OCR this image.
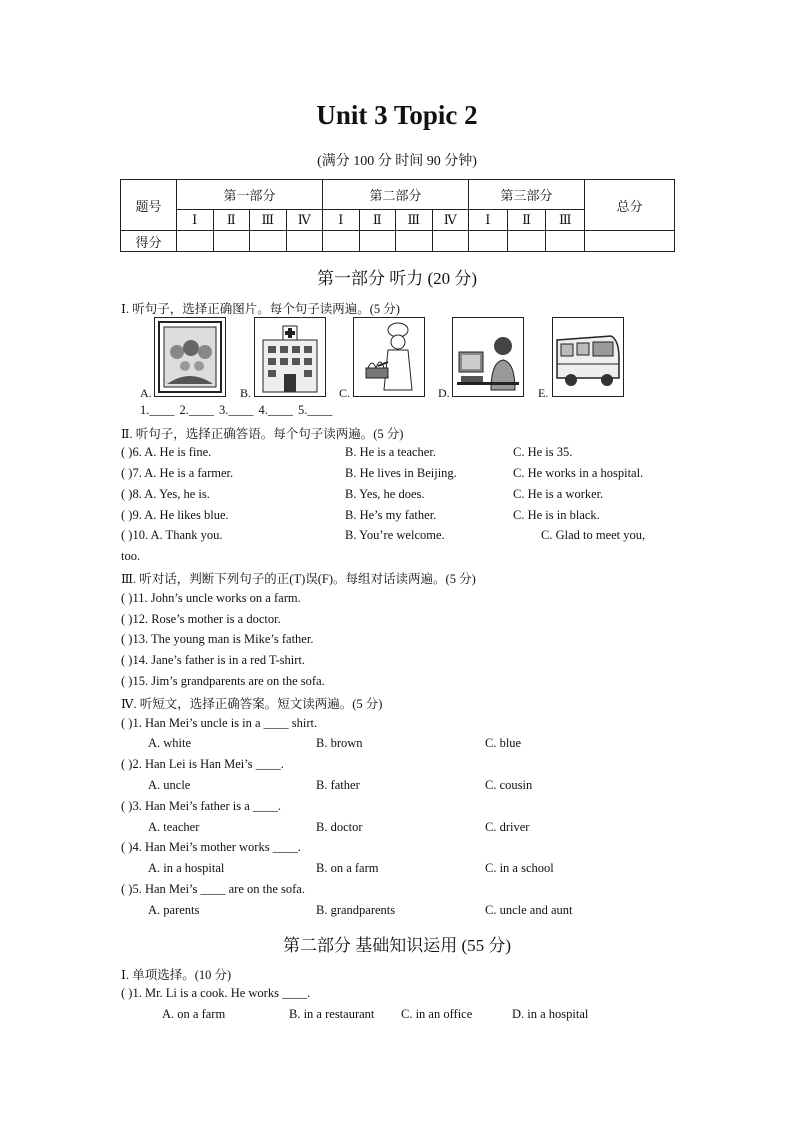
Unit 3 Topic 2
(满分 100 分 时间 90 分钟)
题号	第一部分				第二部分				第三部分			总分
	Ⅰ	Ⅱ	Ⅲ	Ⅳ	Ⅰ	Ⅱ	Ⅲ	Ⅳ	Ⅰ	Ⅱ	Ⅲ	
得分												
第一部分 听力 (20 分)
Ⅰ. 听句子，选择正确图片。每个句子读两遍。(5 分)
A.	B.	C.	D.	E.
1.____ 2.____ 3.____ 4.____ 5.____
Ⅱ. 听句子，选择正确答语。每个句子读两遍。(5 分)
( )6. A. He is fine.	B. He is a teacher.	C. He is 35.
( )7. A. He is a farmer.	B. He lives in Beijing.	C. He works in a hospital.
( )8. A. Yes, he is.	B. Yes, he does.	C. He is a worker.
( )9. A. He likes blue.	B. He’s my father.	C. He is in black.
( )10. A. Thank you.	B. You’re welcome.	C. Glad to meet you,
too.
Ⅲ. 听对话，判断下列句子的正(T)误(F)。每组对话读两遍。(5 分)
( )11. John’s uncle works on a farm.
( )12. Rose’s mother is a doctor.
( )13. The young man is Mike’s father.
( )14. Jane’s father is in a red T-shirt.
( )15. Jim’s grandparents are on the sofa.
Ⅳ. 听短文，选择正确答案。短文读两遍。(5 分)
( )1. Han Mei’s uncle is in a ____ shirt.
A. white	B. brown	C. blue
( )2. Han Lei is Han Mei’s ____.
A. uncle	B. father	C. cousin
( )3. Han Mei’s father is a ____.
A. teacher	B. doctor	C. driver
( )4. Han Mei’s mother works ____.
A. in a hospital	B. on a farm	C. in a school
( )5. Han Mei’s ____ are on the sofa.
A. parents	B. grandparents	C. uncle and aunt
第二部分 基础知识运用 (55 分)
Ⅰ. 单项选择。(10 分)
( )1. Mr. Li is a cook. He works ____.
A. on a farm	B. in a restaurant C. in an office	D. in a hospital
